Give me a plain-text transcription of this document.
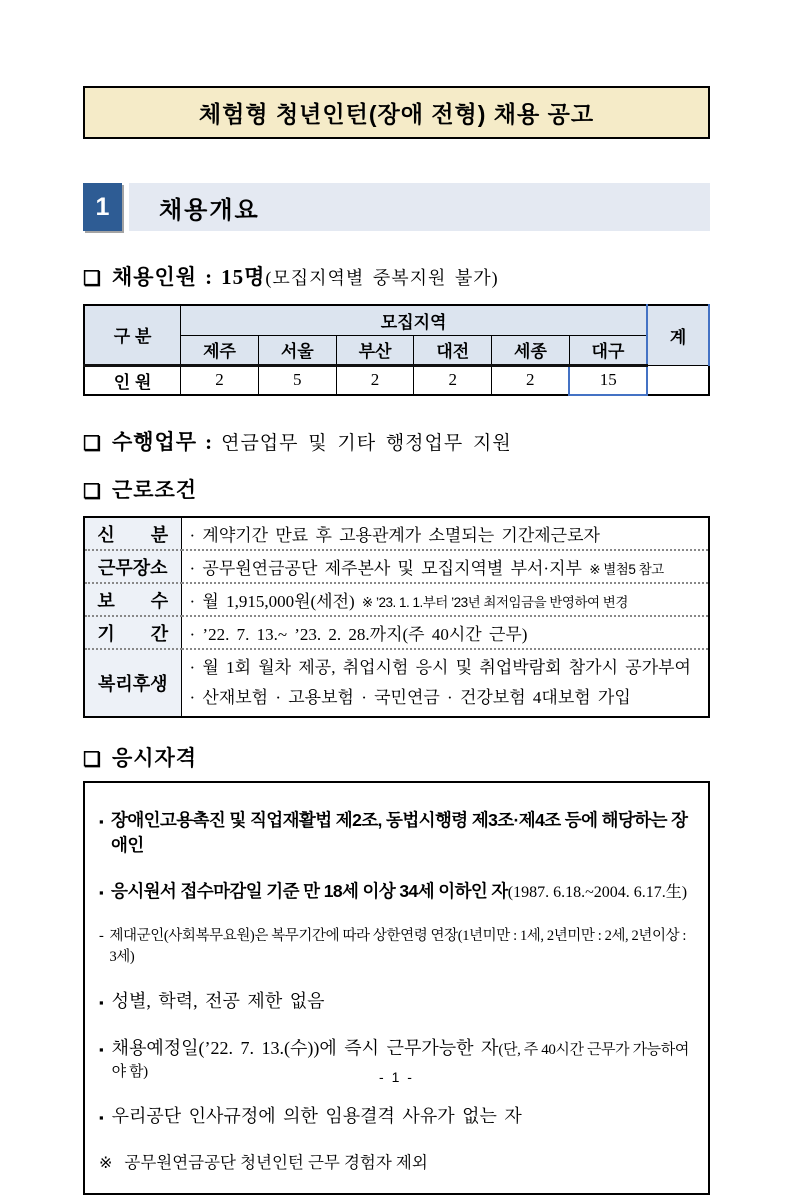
체험형 청년인턴(장애 전형) 채용 공고
1	채용개요
❏ 채용인원 : 15명 (모집지역별 중복지원 불가)
구 분	모집지역						계
	제주	서울	부산	대전	세종	대구	
인 원	2	5	2	2	2	15	
❏ 수행업무 : 연금업무 및 기타 행정업무 지원
❏ 근로조건
신　　분	· 계약기간 만료 후 고용관계가 소멸되는 기간제근로자
근무장소	· 공무원연금공단 제주본사 및 모집지역별 부서·지부 ※ 별첨5 참고
보　　수	· 월 1,915,000원(세전) ※ ’23. 1. 1.부터 ’23년 최저임금을 반영하여 변경
기　　간	· ’22. 7. 13.~ ’23. 2. 28.까지(주 40시간 근무)
복리후생	· 월 1회 월차 제공, 취업시험 응시 및 취업박람회 참가시 공가부여
· 산재보험 · 고용보험 · 국민연금 · 건강보험 4대보험 가입
❏ 응시자격
▪ 장애인고용촉진 및 직업재활법 제2조, 동법시행령 제3조·제4조 등에 해당하는 장애인
▪ 응시원서 접수마감일 기준 만 18세 이상 34세 이하인 자(1987. 6.18.~2004. 6.17.生)
- 제대군인(사회복무요원)은 복무기간에 따라 상한연령 연장(1년미만 : 1세, 2년미만 : 2세, 2년이상 : 3세)
▪ 성별, 학력, 전공 제한 없음
▪ 채용예정일(’22. 7. 13.(수))에 즉시 근무가능한 자(단, 주 40시간 근무가 가능하여야 함)
▪ 우리공단 인사규정에 의한 임용결격 사유가 없는 자
※ 공무원연금공단 청년인턴 근무 경험자 제외
- 1 -
